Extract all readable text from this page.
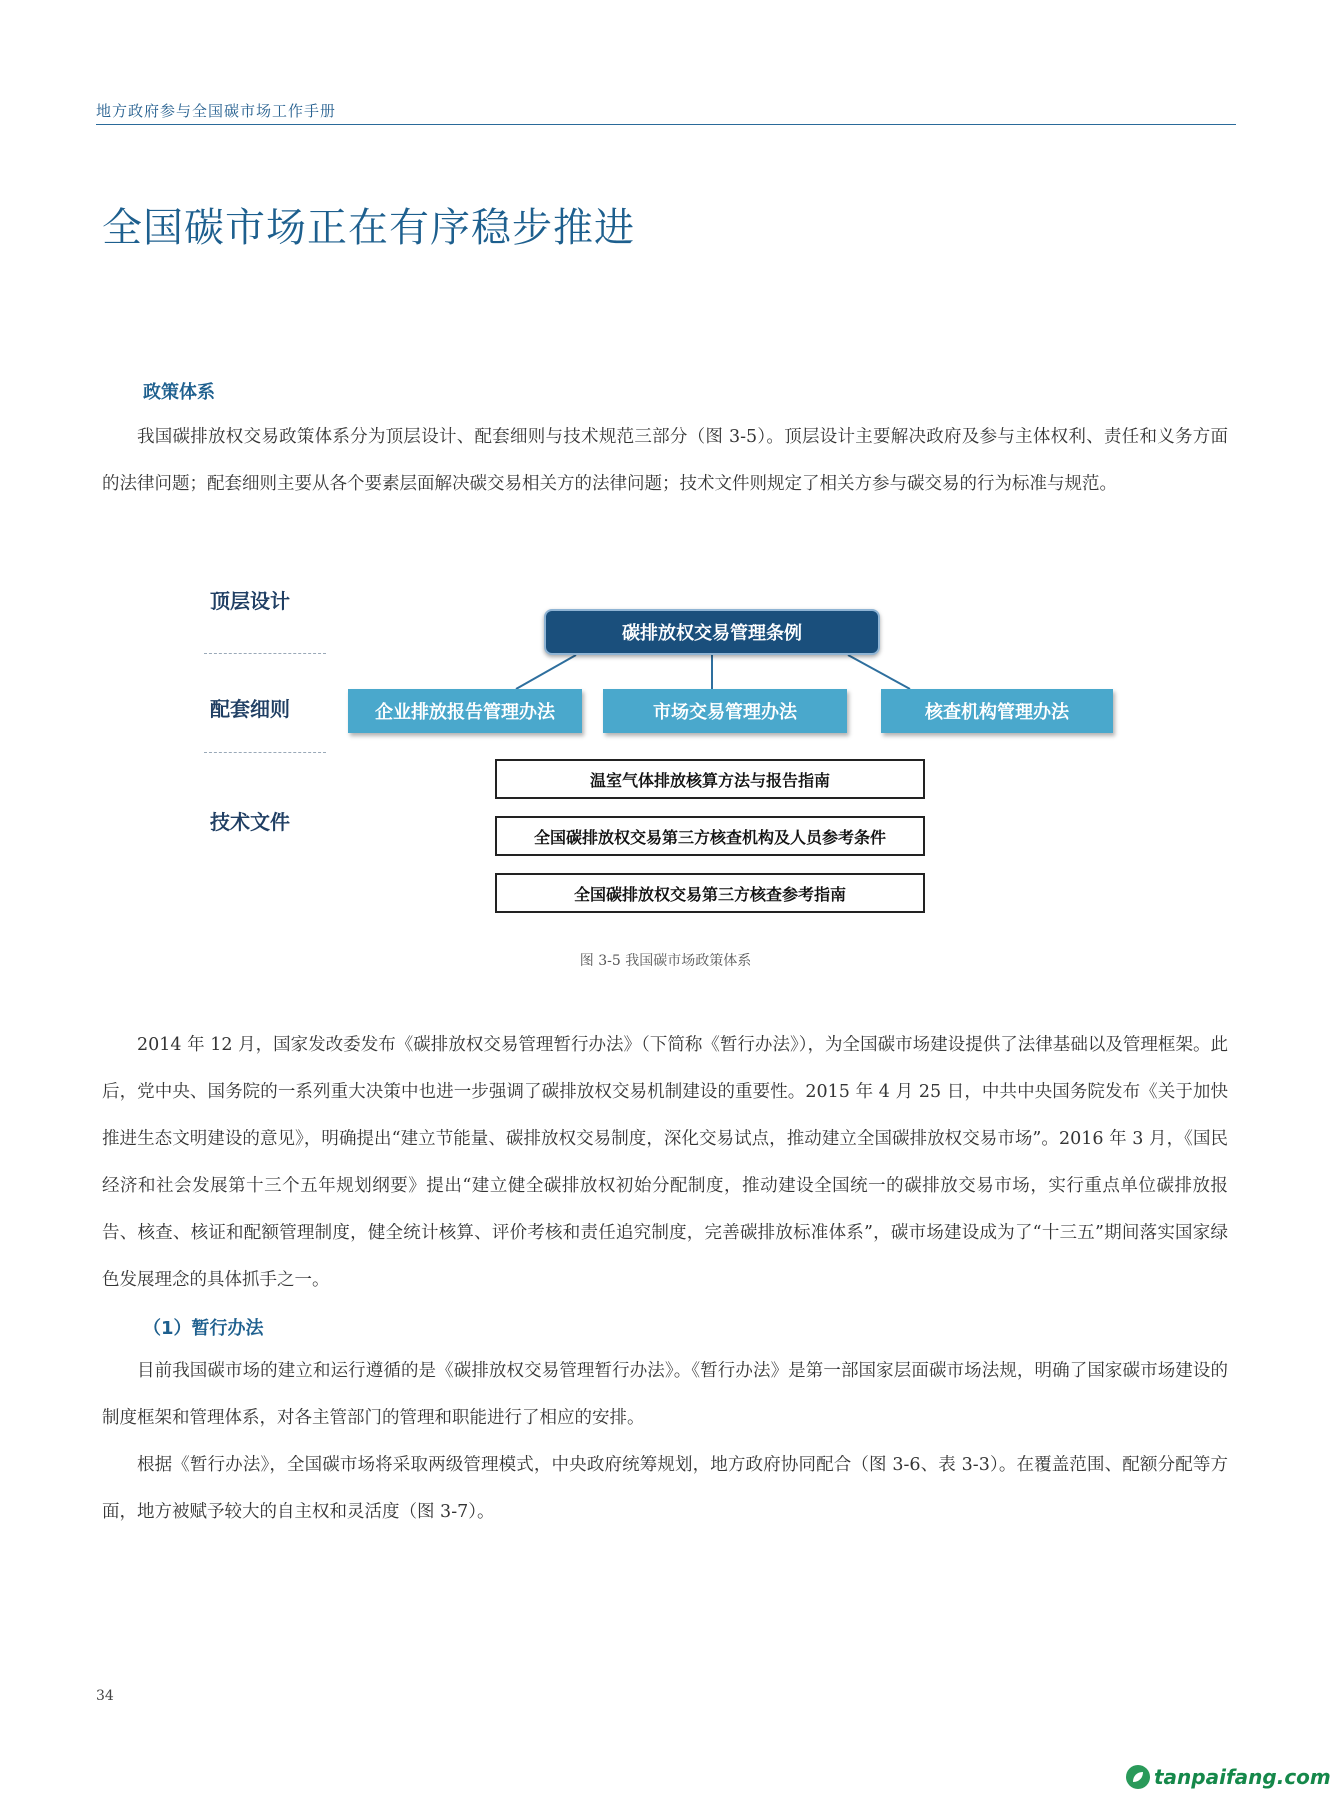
地方政府参与全国碳市场工作手册
全国碳市场正在有序稳步推进
政策体系

我国碳排放权交易政策体系分为顶层设计、配套细则与技术规范三部分（图 3-5）。顶层设计主要解决政府及参与主体权利、责任和义务方面的法律问题；配套细则主要从各个要素层面解决碳交易相关方的法律问题；技术文件则规定了相关方参与碳交易的行为标准与规范。

顶层设计
配套细则
技术文件
碳排放权交易管理条例
企业排放报告管理办法	市场交易管理办法	核查机构管理办法
温室气体排放核算方法与报告指南
全国碳排放权交易第三方核查机构及人员参考条件
全国碳排放权交易第三方核查参考指南
图 3-5 我国碳市场政策体系

2014 年 12 月，国家发改委发布《碳排放权交易管理暂行办法》（下简称《暂行办法》），为全国碳市场建设提供了法律基础以及管理框架。此后，党中央、国务院的一系列重大决策中也进一步强调了碳排放权交易机制建设的重要性。2015 年 4 月 25 日，中共中央国务院发布《关于加快推进生态文明建设的意见》，明确提出“建立节能量、碳排放权交易制度，深化交易试点，推动建立全国碳排放权交易市场”。2016 年 3 月，《国民经济和社会发展第十三个五年规划纲要》提出“建立健全碳排放权初始分配制度，推动建设全国统一的碳排放交易市场，实行重点单位碳排放报告、核查、核证和配额管理制度，健全统计核算、评价考核和责任追究制度，完善碳排放标准体系”，碳市场建设成为了“十三五”期间落实国家绿色发展理念的具体抓手之一。

（1）暂行办法

目前我国碳市场的建立和运行遵循的是《碳排放权交易管理暂行办法》。《暂行办法》是第一部国家层面碳市场法规，明确了国家碳市场建设的制度框架和管理体系，对各主管部门的管理和职能进行了相应的安排。

根据《暂行办法》，全国碳市场将采取两级管理模式，中央政府统筹规划，地方政府协同配合（图 3-6、表 3-3）。在覆盖范围、配额分配等方面，地方被赋予较大的自主权和灵活度（图 3-7）。

34
tanpaifang.com
